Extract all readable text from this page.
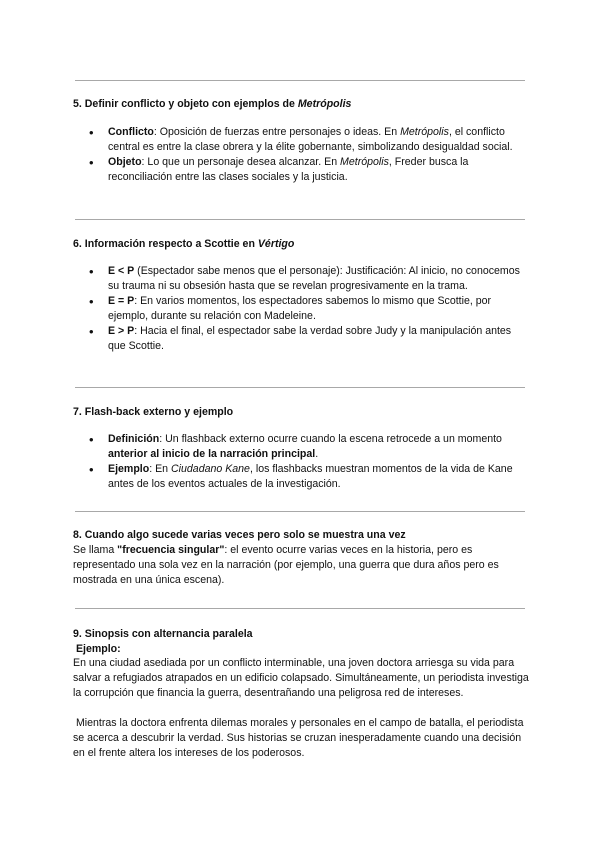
5. Definir conflicto y objeto con ejemplos de Metrópolis
• Conflicto: Oposición de fuerzas entre personajes o ideas. En Metrópolis, el conflicto central es entre la clase obrera y la élite gobernante, simbolizando desigualdad social.
• Objeto: Lo que un personaje desea alcanzar. En Metrópolis, Freder busca la reconciliación entre las clases sociales y la justicia.
6. Información respecto a Scottie en Vértigo
• E < P (Espectador sabe menos que el personaje): Justificación: Al inicio, no conocemos su trauma ni su obsesión hasta que se revelan progresivamente en la trama.
• E = P: En varios momentos, los espectadores sabemos lo mismo que Scottie, por ejemplo, durante su relación con Madeleine.
• E > P: Hacia el final, el espectador sabe la verdad sobre Judy y la manipulación antes que Scottie.
7. Flash-back externo y ejemplo
• Definición: Un flashback externo ocurre cuando la escena retrocede a un momento anterior al inicio de la narración principal.
• Ejemplo: En Ciudadano Kane, los flashbacks muestran momentos de la vida de Kane antes de los eventos actuales de la investigación.
8. Cuando algo sucede varias veces pero solo se muestra una vez

Se llama "frecuencia singular": el evento ocurre varias veces en la historia, pero es representado una sola vez en la narración (por ejemplo, una guerra que dura años pero es mostrada en una única escena).

9. Sinopsis con alternancia paralela
Ejemplo:

En una ciudad asediada por un conflicto interminable, una joven doctora arriesga su vida para salvar a refugiados atrapados en un edificio colapsado. Simultáneamente, un periodista investiga la corrupción que financia la guerra, desentrañando una peligrosa red de intereses.

Mientras la doctora enfrenta dilemas morales y personales en el campo de batalla, el periodista se acerca a descubrir la verdad. Sus historias se cruzan inesperadamente cuando una decisión en el frente altera los intereses de los poderosos.
